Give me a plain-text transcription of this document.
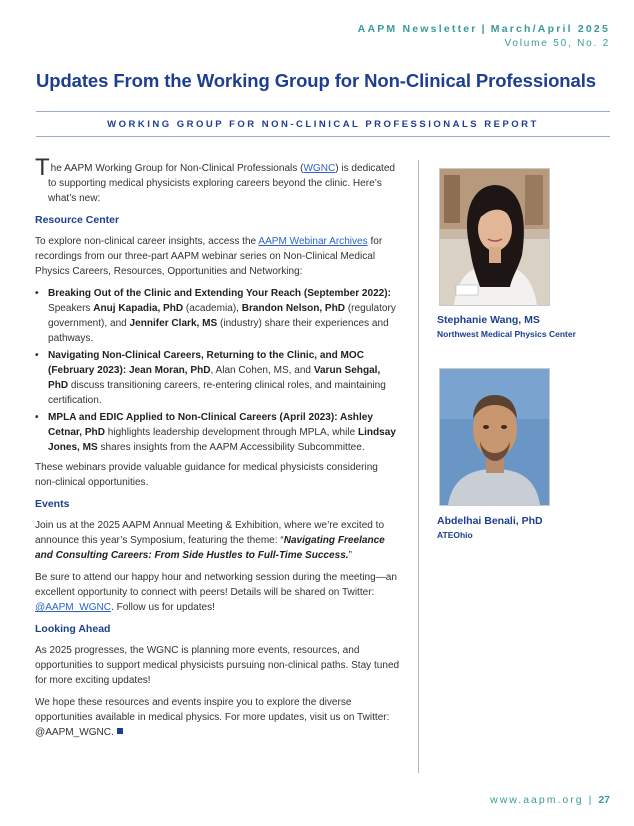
AAPM Newsletter | March/April 2025
Volume 50, No. 2
Updates From the Working Group for Non-Clinical Professionals
WORKING GROUP FOR NON-CLINICAL PROFESSIONALS REPORT

The AAPM Working Group for Non-Clinical Professionals (WGNC) is dedicated to supporting medical physicists exploring careers beyond the clinic. Here’s what’s new:

Resource Center

To explore non-clinical career insights, access the AAPM Webinar Archives for recordings from our three-part AAPM webinar series on Non-Clinical Medical Physics Careers, Resources, Opportunities and Networking:

• Breaking Out of the Clinic and Extending Your Reach (September 2022): Speakers Anuj Kapadia, PhD (academia), Brandon Nelson, PhD (regulatory government), and Jennifer Clark, MS (industry) share their experiences and pathways.
• Navigating Non-Clinical Careers, Returning to the Clinic, and MOC (February 2023): Jean Moran, PhD, Alan Cohen, MS, and Varun Sehgal, PhD discuss transitioning careers, re-entering clinical roles, and maintaining certification.
• MPLA and EDIC Applied to Non-Clinical Careers (April 2023): Ashley Cetnar, PhD highlights leadership development through MPLA, while Lindsay Jones, MS shares insights from the AAPM Accessibility Subcommittee.

These webinars provide valuable guidance for medical physicists considering non-clinical opportunities.

Events

Join us at the 2025 AAPM Annual Meeting & Exhibition, where we’re excited to announce this year’s Symposium, featuring the theme: “Navigating Freelance and Consulting Careers: From Side Hustles to Full-Time Success.”

Be sure to attend our happy hour and networking session during the meeting—an excellent opportunity to connect with peers! Details will be shared on Twitter: @AAPM_WGNC. Follow us for updates!

Looking Ahead

As 2025 progresses, the WGNC is planning more events, resources, and opportunities to support medical physicists pursuing non-clinical paths. Stay tuned for more exciting updates!

We hope these resources and events inspire you to explore the diverse opportunities available in medical physics. For more updates, visit us on Twitter: @AAPM_WGNC.

Stephanie Wang, MS
Northwest Medical Physics Center
Abdelhai Benali, PhD
ATEOhio
www.aapm.org | 27
